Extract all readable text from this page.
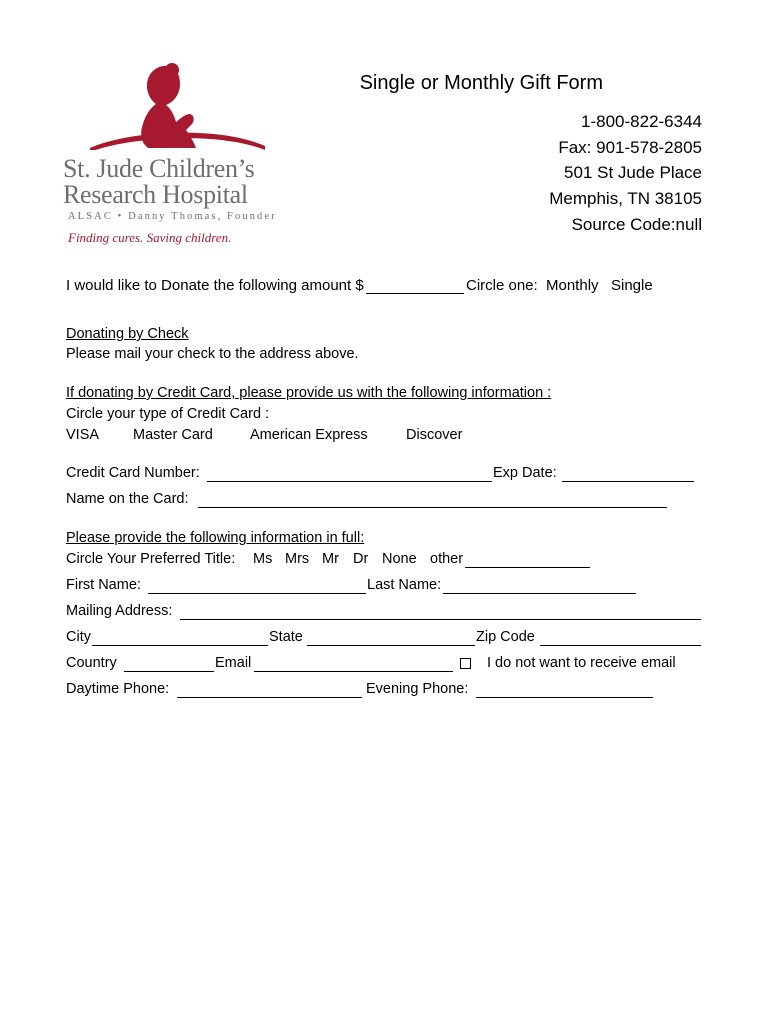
St. Jude Children’s
Research Hospital
ALSAC • Danny Thomas, Founder
Finding cures. Saving children.
Single or Monthly Gift Form
1-800-822-6344
Fax: 901-578-2805
501 St Jude Place
Memphis, TN 38105
Source Code:null
I would like to Donate the following amount $	Circle one: Monthly Single
Donating by Check
Please mail your check to the address above.
If donating by Credit Card, please provide us with the following information :
Circle your type of Credit Card :
VISA Master Card	American Express	Discover
Credit Card Number:	Exp Date:
Name on the Card:
Please provide the following information in full:
Circle Your Preferred Title: Ms Mrs Mr Dr None other
First Name:	Last Name:
Mailing Address:
City	State	Zip Code
Country	Email	I do not want to receive email
Daytime Phone:	Evening Phone:
